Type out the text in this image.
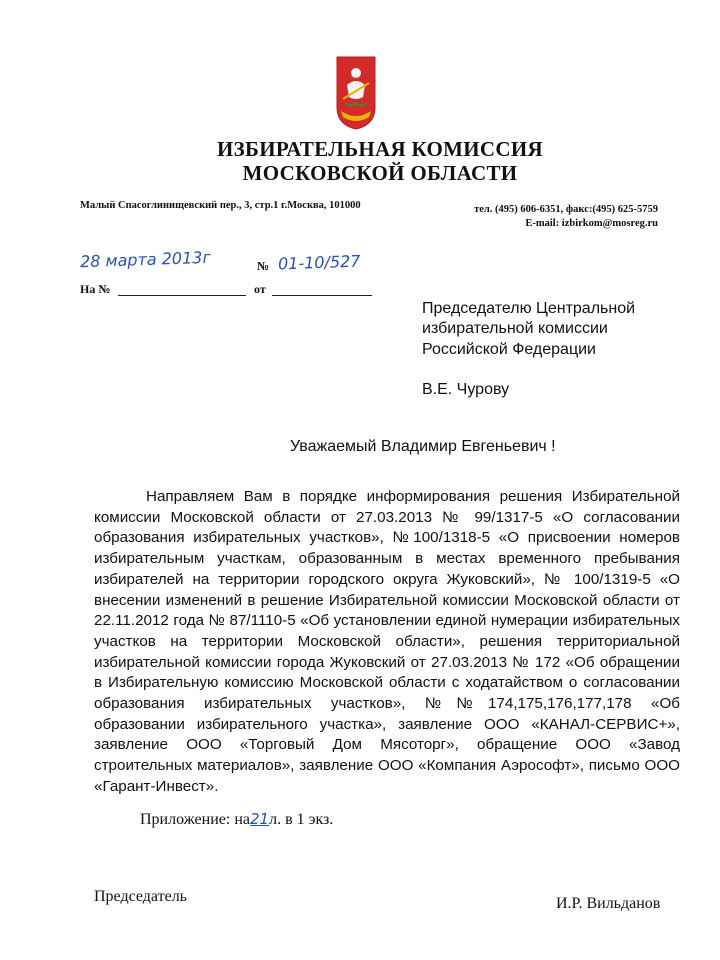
ИЗБИРАТЕЛЬНАЯ КОМИССИЯ
МОСКОВСКОЙ ОБЛАСТИ
Малый Спасоглинищевский пер., 3, стр.1 г.Москва, 101000	тел. (495) 606-6351, факс:(495) 625-5759
E-mail: izbirkom@mosreg.ru
28 марта 2013г	№ 01-10/527
На №	от
Председателю Центральной
избирательной комиссии
Российской Федерации
В.Е. Чурову
Уважаемый Владимир Евгеньевич !
Направляем Вам в порядке информирования решения Избирательной комиссии Московской области от 27.03.2013 № 99/1317-5 «О согласовании образования избирательных участков», №100/1318-5 «О присвоении номеров избирательным участкам, образованным в местах временного пребывания избирателей на территории городского округа Жуковский», № 100/1319-5 «О внесении изменений в решение Избирательной комиссии Московской области от 22.11.2012 года № 87/1110-5 «Об установлении единой нумерации избирательных участков на территории Московской области», решения территориальной избирательной комиссии города Жуковский от 27.03.2013 № 172 «Об обращении в Избирательную комиссию Московской области с ходатайством о согласовании образования избирательных участков», №№174,175,176,177,178 «Об образовании избирательного участка», заявление ООО «КАНАЛ-СЕРВИС+», заявление ООО «Торговый Дом Мясоторг», обращение ООО «Завод строительных материалов», заявление ООО «Компания Аэрософт», письмо ООО «Гарант-Инвест».
Приложение: на21л. в 1 экз.
Председатель	И.Р. Вильданов
